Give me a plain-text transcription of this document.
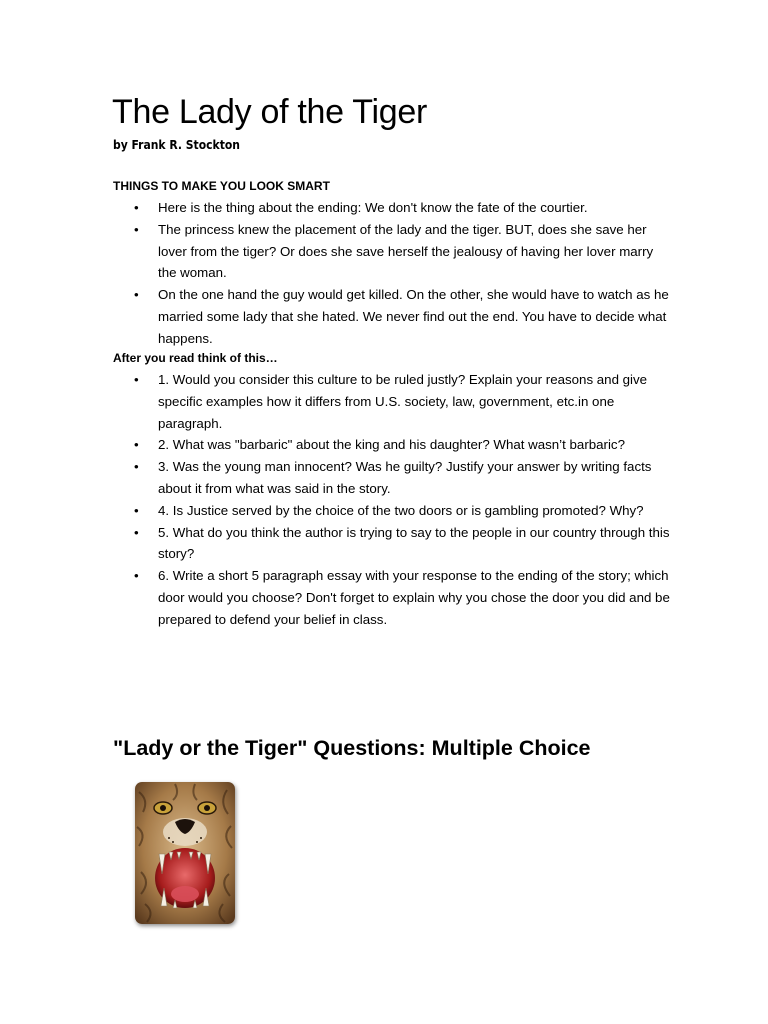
The Lady of the Tiger
by Frank R. Stockton
THINGS TO MAKE YOU LOOK SMART
• Here is the thing about the ending: We don't know the fate of the courtier.
• The princess knew the placement of the lady and the tiger. BUT, does she save her lover from the tiger? Or does she save herself the jealousy of having her lover marry the woman.
• On the one hand the guy would get killed. On the other, she would have to watch as he married some lady that she hated. We never find out the end. You have to decide what happens.
After you read think of this…
• 1. Would you consider this culture to be ruled justly? Explain your reasons and give specific examples how it differs from U.S. society, law, government, etc.in one paragraph.
• 2. What was "barbaric" about the king and his daughter? What wasn’t barbaric?
• 3. Was the young man innocent? Was he guilty? Justify your answer by writing facts about it from what was said in the story.
• 4. Is Justice served by the choice of the two doors or is gambling promoted? Why?
• 5. What do you think the author is trying to say to the people in our country through this story?
• 6. Write a short 5 paragraph essay with your response to the ending of the story; which door would you choose? Don't forget to explain why you chose the door you did and be prepared to defend your belief in class.
"Lady or the Tiger" Questions: Multiple Choice
